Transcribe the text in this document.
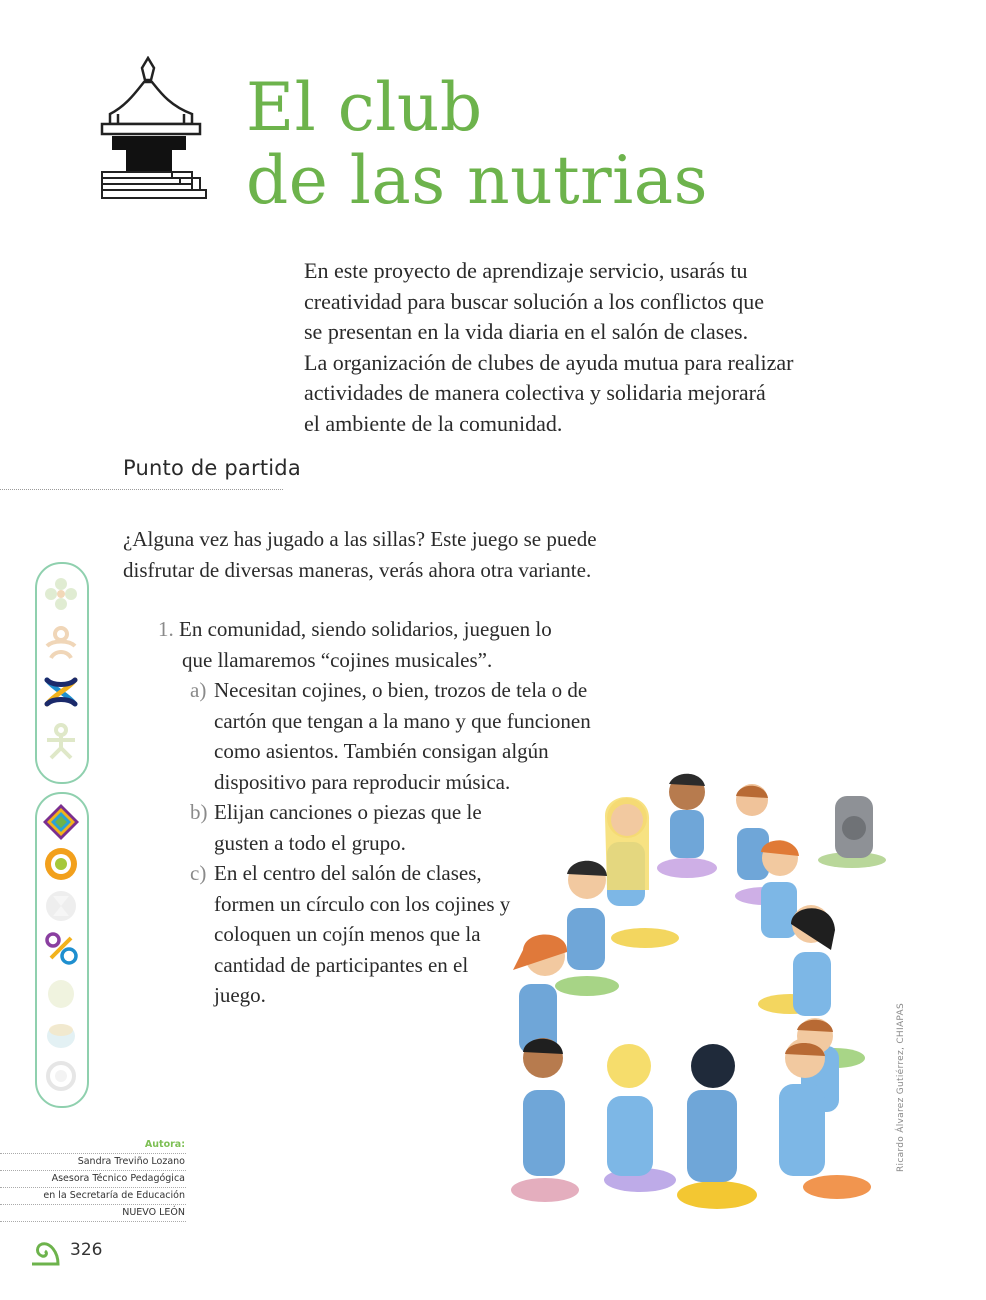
El club
de las nutrias

En este proyecto de aprendizaje servicio, usarás tu

creatividad para buscar solución a los conflictos que

se presentan en la vida diaria en el salón de clases.

La organización de clubes de ayuda mutua para realizar

actividades de manera colectiva y solidaria mejorará

el ambiente de la comunidad.

Punto de partida

¿Alguna vez has jugado a las sillas? Este juego se puede

disfrutar de diversas maneras, verás ahora otra variante.

1. En comunidad, siendo solidarios, jueguen lo que llamaremos “cojines musicales”.
a) Necesitan cojines, o bien, trozos de tela o de cartón que tengan a la mano y que funcionen como asientos. También consigan algún dispositivo para reproducir música.
b) Elijan canciones o piezas que le gusten a todo el grupo.
c) En el centro del salón de clases, formen un círculo con los cojines y coloquen un cojín menos que la cantidad de participantes en el juego.
Autora:
Sandra Treviño Lozano
Asesora Técnico Pedagógica
en la Secretaría de Educación
NUEVO LEÓN
326
Ricardo Álvarez Gutiérrez, CHIAPAS
